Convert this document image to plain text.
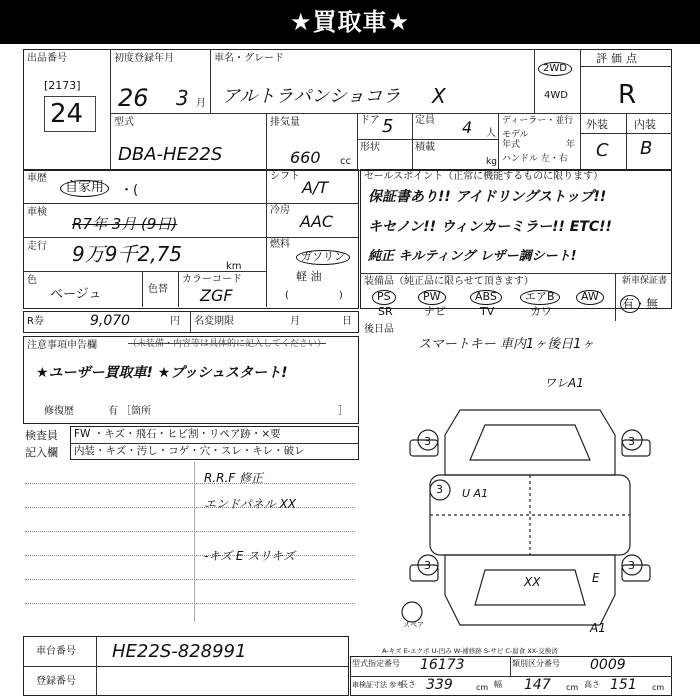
★買取車★
出品番号
[2173]
24
初度登録年月
26 3 月
車名・グレード
アルトラパンショコラ X
2WD
4WD
評価点
R
型式
DBA-HE22S
排気量
660 cc
ドア 5 定員 4 人
形状	積載
kg
ディーラー・並行
モデル
年式	年
ハンドル 左・右
外装 内装
C B
車歴
自家用	・(
シフト
A/T
車検
R7年 3月 (9日)
冷房
AAC
走行 9万9千2,75
km
燃料
ガソリン
軽 油
(　　　　　)
色
ベージュ	色替
カラーコード
ZGF
セールスポイント（正常に機能するものに限ります）
保証書あり!! アイドリングストップ!!
キセノン!! ウィンカーミラー!! ETC!!
純正 キルティング レザー調シート!
装備品（純正品に限らせて頂きます）
PS	PW	ABS	エアB	AW
SR	ナビ	TV	カワ
新車保証書
有・無
R券	9,070	円 名変期限	月	日
後日品
スマートキー 車内1ヶ後日1ヶ
注意事項申告欄	（未装備・内容等は具体的に記入してください）
★ユーザー買取車! ★プッシュスタート!
修復歴	有 ［箇所	］
検査員 FW ・キズ・飛石・ヒビ割・リペア跡・×要
記入欄 内装・キズ・汚し・コゲ・穴・スレ・キレ・破レ
R.R.F 修正
エンドパネル XX
-キズ E スリキズ
3	3
3	3
3
ワレA1
U A1
XX	E
A1
スペア
A-キズ E-エクボ U-凹み W-補修跡 S-サビ C-腐食 XX-交換済
車台番号 HE22S-828991
登録番号
型式指定番号 16173	類別区分番号 0009
車検証寸法 参考
長さ 339	cm 幅 147 cm 高さ 151 cm
